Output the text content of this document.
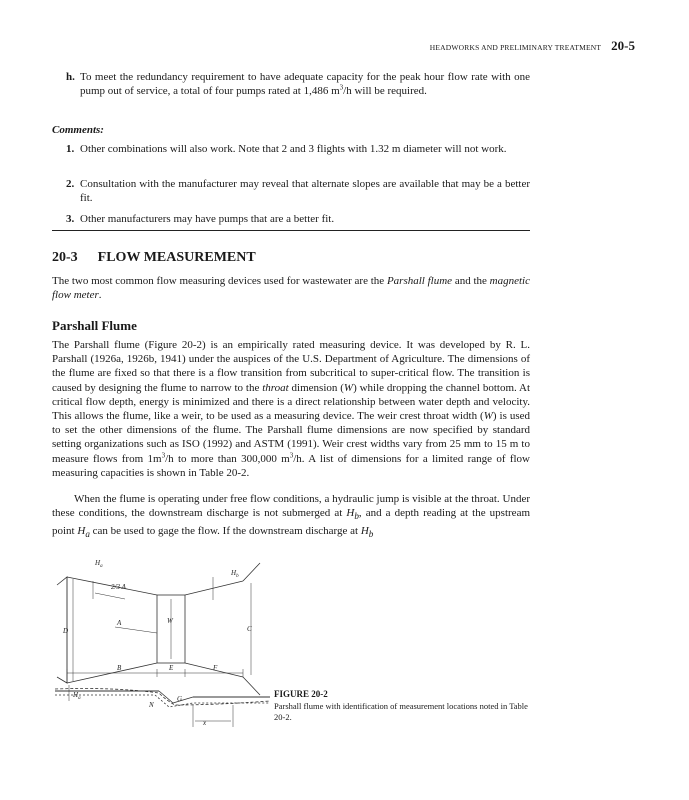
HEADWORKS AND PRELIMINARY TREATMENT 20-5
h. To meet the redundancy requirement to have adequate capacity for the peak hour flow rate with one pump out of service, a total of four pumps rated at 1,486 $m^3/h$ will be required.
Comments:
1. Other combinations will also work. Note that 2 and 3 flights with 1.32 m diameter will not work.
2. Consultation with the manufacturer may reveal that alternate slopes are available that may be a better fit.
3. Other manufacturers may have pumps that are a better fit.
20-3 FLOW MEASUREMENT
The two most common flow measuring devices used for wastewater are the Parshall flume and the magnetic flow meter.
Parshall Flume
The Parshall flume (Figure 20-2) is an empirically rated measuring device. It was developed by R. L. Parshall (1926a, 1926b, 1941) under the auspices of the U.S. Department of Agriculture. The dimensions of the flume are fixed so that there is a flow transition from subcritical to super-critical flow. The transition is caused by designing the flume to narrow to the throat dimension (W) while dropping the channel bottom. At critical flow depth, energy is minimized and there is a direct relationship between water depth and velocity. This allows the flume, like a weir, to be used as a measuring device. The weir crest throat width (W) is used to set the other dimensions of the flume. The Parshall flume dimensions are now specified by standard setting organizations such as ISO (1992) and ASTM (1991). Weir crest widths vary from 25 mm to 15 m to measure flows from $1m^3/h$ to more than 300,000 $m^3/h$. A list of dimensions for a limited range of flow measuring capacities is shown in Table 20-2.
When the flume is operating under free flow conditions, a hydraulic jump is visible at the throat. Under these conditions, the downstream discharge is not submerged at $H_b$, and a depth reading at the upstream point $H_a$ can be used to gage the flow. If the downstream discharge at $H_b$
$H_a$
$H_b$
2/3 A
A
D
W
C
B	E	F
$H_a$	G
N
x
FIGURE 20-2
Parshall flume with identification of measurement locations noted in Table 20-2.
